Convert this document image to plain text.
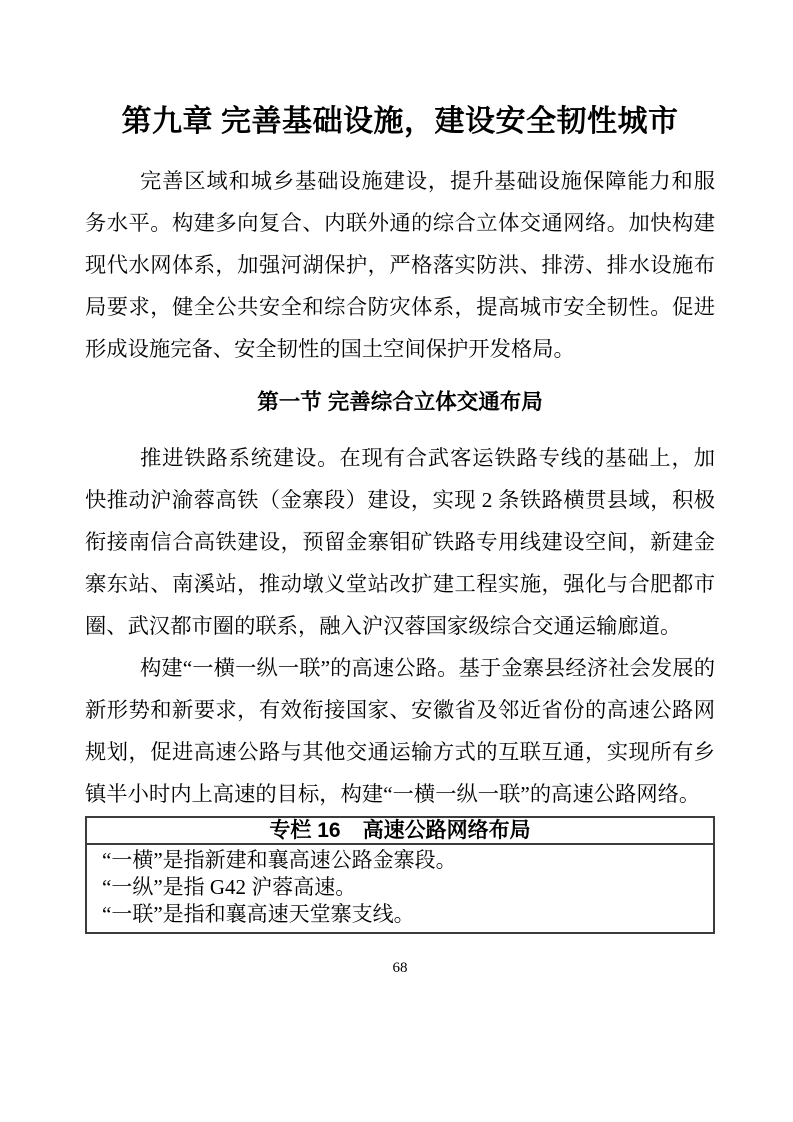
第九章 完善基础设施，建设安全韧性城市

完善区域和城乡基础设施建设，提升基础设施保障能力和服务水平。构建多向复合、内联外通的综合立体交通网络。加快构建现代水网体系，加强河湖保护，严格落实防洪、排涝、排水设施布局要求，健全公共安全和综合防灾体系，提高城市安全韧性。促进形成设施完备、安全韧性的国土空间保护开发格局。

第一节 完善综合立体交通布局

推进铁路系统建设。在现有合武客运铁路专线的基础上，加快推动沪渝蓉高铁（金寨段）建设，实现 2 条铁路横贯县域，积极衔接南信合高铁建设，预留金寨钼矿铁路专用线建设空间，新建金寨东站、南溪站，推动墩义堂站改扩建工程实施，强化与合肥都市圈、武汉都市圈的联系，融入沪汉蓉国家级综合交通运输廊道。

构建“一横一纵一联”的高速公路。基于金寨县经济社会发展的新形势和新要求，有效衔接国家、安徽省及邻近省份的高速公路网规划，促进高速公路与其他交通运输方式的互联互通，实现所有乡镇半小时内上高速的目标，构建“一横一纵一联”的高速公路网络。

专栏 16 高速公路网络布局

“一横”是指新建和襄高速公路金寨段。

“一纵”是指 G42 沪蓉高速。

“一联”是指和襄高速天堂寨支线。

68
